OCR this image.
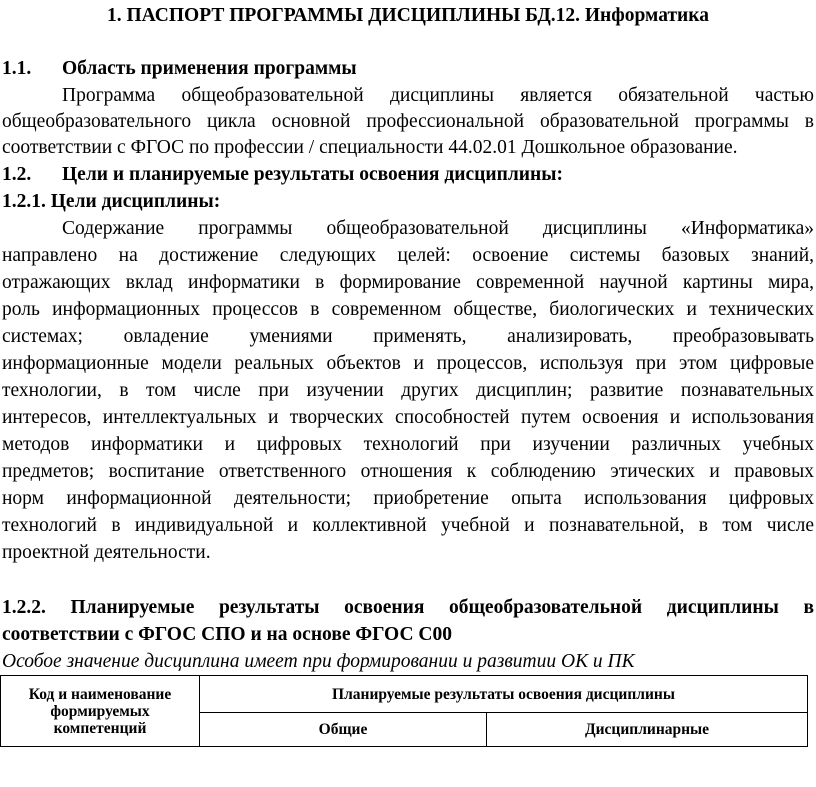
1. ПАСПОРТ ПРОГРАММЫ ДИСЦИПЛИНЫ БД.12. Информатика
1.1. Область применения программы
Программа общеобразовательной дисциплины является обязательной частью
общеобразовательного цикла основной профессиональной образовательной программы в
соответствии с ФГОС по профессии / специальности 44.02.01 Дошкольное образование.
1.2. Цели и планируемые результаты освоения дисциплины:
1.2.1. Цели дисциплины:
Содержание программы общеобразовательной дисциплины «Информатика»
направлено на достижение следующих целей: освоение системы базовых знаний,
отражающих вклад информатики в формирование современной научной картины мира,
роль информационных процессов в современном обществе, биологических и технических
системах; овладение умениями применять, анализировать, преобразовывать
информационные модели реальных объектов и процессов, используя при этом цифровые
технологии, в том числе при изучении других дисциплин; развитие познавательных
интересов, интеллектуальных и творческих способностей путем освоения и использования
методов информатики и цифровых технологий при изучении различных учебных
предметов; воспитание ответственного отношения к соблюдению этических и правовых
норм информационной деятельности; приобретение опыта использования цифровых
технологий в индивидуальной и коллективной учебной и познавательной, в том числе
проектной деятельности.
1.2.2. Планируемые результаты освоения общеобразовательной дисциплины в
соответствии с ФГОС СПО и на основе ФГОС С00
Особое значение дисциплина имеет при формировании и развитии ОК и ПК
Код и наименование формируемых компетенций	Планируемые результаты освоения дисциплины	
	Общие	Дисциплинарные
